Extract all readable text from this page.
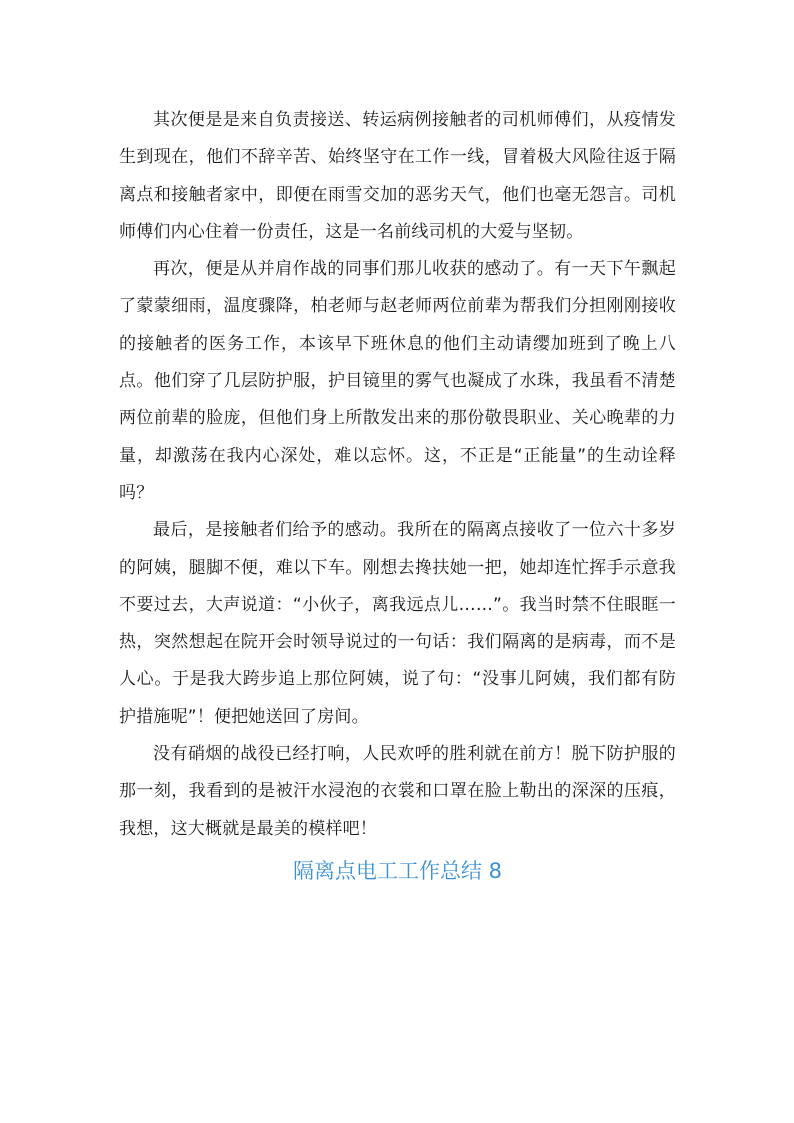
其次便是是来自负责接送、转运病例接触者的司机师傅们，从疫情发生到现在，他们不辞辛苦、始终坚守在工作一线，冒着极大风险往返于隔离点和接触者家中，即便在雨雪交加的恶劣天气，他们也毫无怨言。司机师傅们内心住着一份责任，这是一名前线司机的大爱与坚韧。

再次，便是从并肩作战的同事们那儿收获的感动了。有一天下午飘起了蒙蒙细雨，温度骤降，柏老师与赵老师两位前辈为帮我们分担刚刚接收的接触者的医务工作，本该早下班休息的他们主动请缨加班到了晚上八点。他们穿了几层防护服，护目镜里的雾气也凝成了水珠，我虽看不清楚两位前辈的脸庞，但他们身上所散发出来的那份敬畏职业、关心晚辈的力量，却激荡在我内心深处，难以忘怀。这，不正是“正能量”的生动诠释吗？

最后，是接触者们给予的感动。我所在的隔离点接收了一位六十多岁的阿姨，腿脚不便，难以下车。刚想去搀扶她一把，她却连忙挥手示意我不要过去，大声说道：“小伙子，离我远点儿……”。我当时禁不住眼眶一热，突然想起在院开会时领导说过的一句话：我们隔离的是病毒，而不是人心。于是我大跨步追上那位阿姨，说了句：“没事儿阿姨，我们都有防护措施呢”！便把她送回了房间。

没有硝烟的战役已经打响，人民欢呼的胜利就在前方！脱下防护服的那一刻，我看到的是被汗水浸泡的衣裳和口罩在脸上勒出的深深的压痕，我想，这大概就是最美的模样吧！

隔离点电工工作总结 8
